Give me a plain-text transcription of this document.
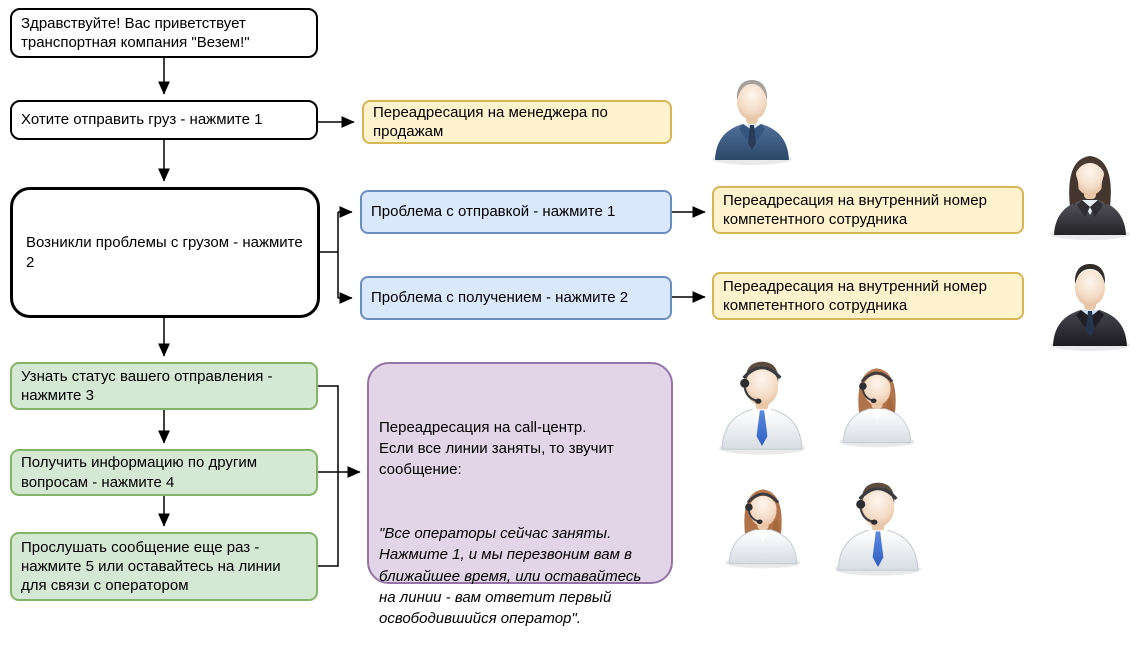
Здравствуйте! Вас приветствует транспортная компания "Везем!"
Хотите отправить груз - нажмите 1	Переадресация на менеджера по продажам
Возникли проблемы с грузом - нажмите 2
Проблема с отправкой - нажмите 1
Проблема с получением - нажмите 2
Переадресация на внутренний номер компетентного сотрудника
Переадресация на внутренний номер компетентного сотрудника
Узнать статус вашего отправления - нажмите 3
Получить информацию по другим вопросам - нажмите 4
Прослушать сообщение еще раз - нажмите 5 или оставайтесь на линии  для связи с оператором

Переадресация на call-центр.
Если все линии заняты, то звучит сообщение:

"Все операторы сейчас заняты. Нажмите 1, и мы перезвоним вам в ближайшее время, или оставайтесь на линии - вам ответит первый освободившийся оператор".
